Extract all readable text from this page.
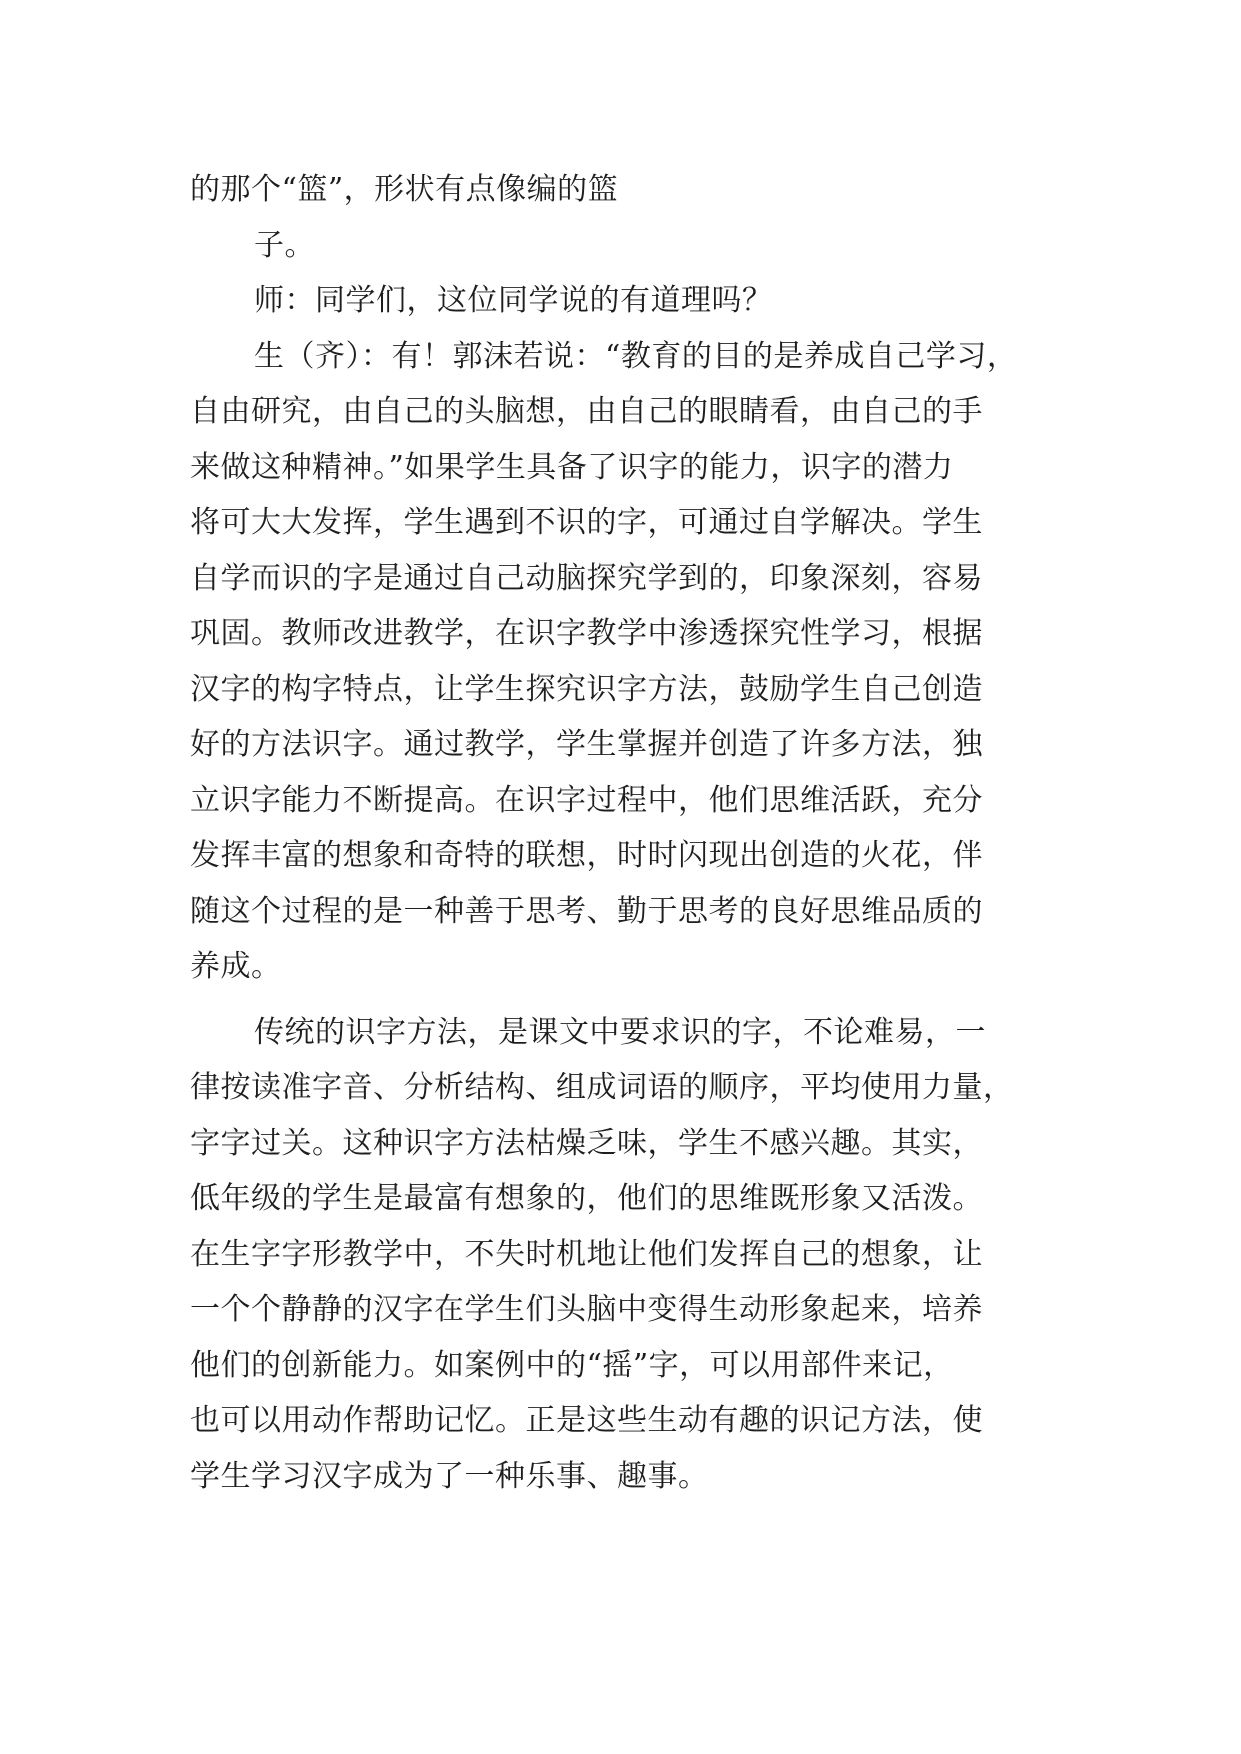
的那个“篮”，形状有点像编的篮
子。
师：同学们，这位同学说的有道理吗？
生（齐）：有！郭沫若说：“教育的目的是养成自己学习，
自由研究，由自己的头脑想，由自己的眼睛看，由自己的手
来做这种精神。”如果学生具备了识字的能力，识字的潜力
将可大大发挥，学生遇到不识的字，可通过自学解决。学生
自学而识的字是通过自己动脑探究学到的，印象深刻，容易
巩固。教师改进教学，在识字教学中渗透探究性学习，根据
汉字的构字特点，让学生探究识字方法，鼓励学生自己创造
好的方法识字。通过教学，学生掌握并创造了许多方法，独
立识字能力不断提高。在识字过程中，他们思维活跃，充分
发挥丰富的想象和奇特的联想，时时闪现出创造的火花，伴
随这个过程的是一种善于思考、勤于思考的良好思维品质的
养成。
传统的识字方法，是课文中要求识的字，不论难易，一
律按读准字音、分析结构、组成词语的顺序，平均使用力量，
字字过关。这种识字方法枯燥乏味，学生不感兴趣。其实，
低年级的学生是最富有想象的，他们的思维既形象又活泼。
在生字字形教学中，不失时机地让他们发挥自己的想象，让
一个个静静的汉字在学生们头脑中变得生动形象起来，培养
他们的创新能力。如案例中的“摇”字，可以用部件来记，
也可以用动作帮助记忆。正是这些生动有趣的识记方法，使
学生学习汉字成为了一种乐事、趣事。
